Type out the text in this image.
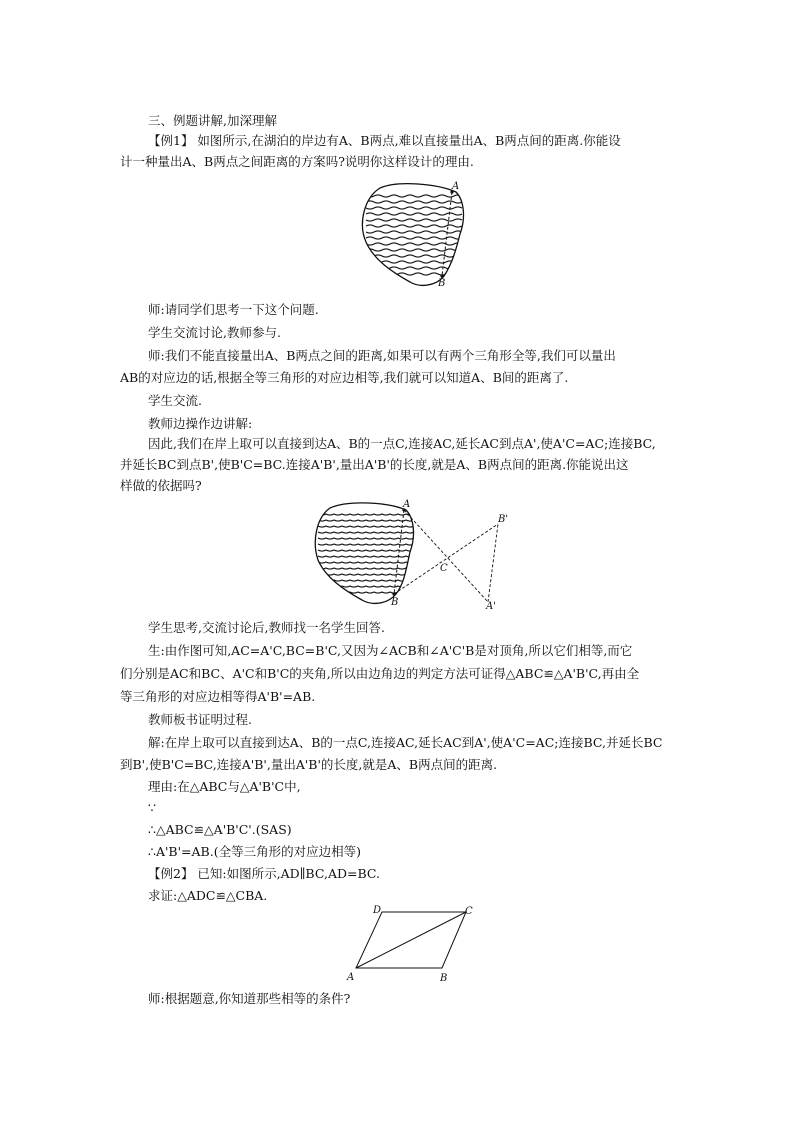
三、例题讲解,加深理解
【例1】 如图所示,在湖泊的岸边有A、B两点,难以直接量出A、B两点间的距离.你能设
计一种量出A、B两点之间距离的方案吗?说明你这样设计的理由.
A
B
师:请同学们思考一下这个问题.
学生交流讨论,教师参与.
师:我们不能直接量出A、B两点之间的距离,如果可以有两个三角形全等,我们可以量出
AB的对应边的话,根据全等三角形的对应边相等,我们就可以知道A、B间的距离了.
学生交流.
教师边操作边讲解:
因此,我们在岸上取可以直接到达A、B的一点C,连接AC,延长AC到点A',使A'C=AC;连接BC,
并延长BC到点B',使B'C=BC.连接A'B',量出A'B'的长度,就是A、B两点间的距离.你能说出这
样做的依据吗?
A
B
C
B'
A'
学生思考,交流讨论后,教师找一名学生回答.
生:由作图可知,AC=A'C,BC=B'C,又因为∠ACB和∠A'C'B是对顶角,所以它们相等,而它
们分别是AC和BC、A'C和B'C的夹角,所以由边角边的判定方法可证得△ABC≌△A'B'C,再由全
等三角形的对应边相等得A'B'=AB.
教师板书证明过程.
解:在岸上取可以直接到达A、B的一点C,连接AC,延长AC到A',使A'C=AC;连接BC,并延长BC
到B',使B'C=BC,连接A'B',量出A'B'的长度,就是A、B两点间的距离.
理由:在△ABC与△A'B'C中,
∵
∴△ABC≌△A'B'C'.(SAS)
∴A'B'=AB.(全等三角形的对应边相等)
【例2】 已知:如图所示,AD∥BC,AD=BC.
求证:△ADC≌△CBA.
D	C
A	B
师:根据题意,你知道那些相等的条件?
